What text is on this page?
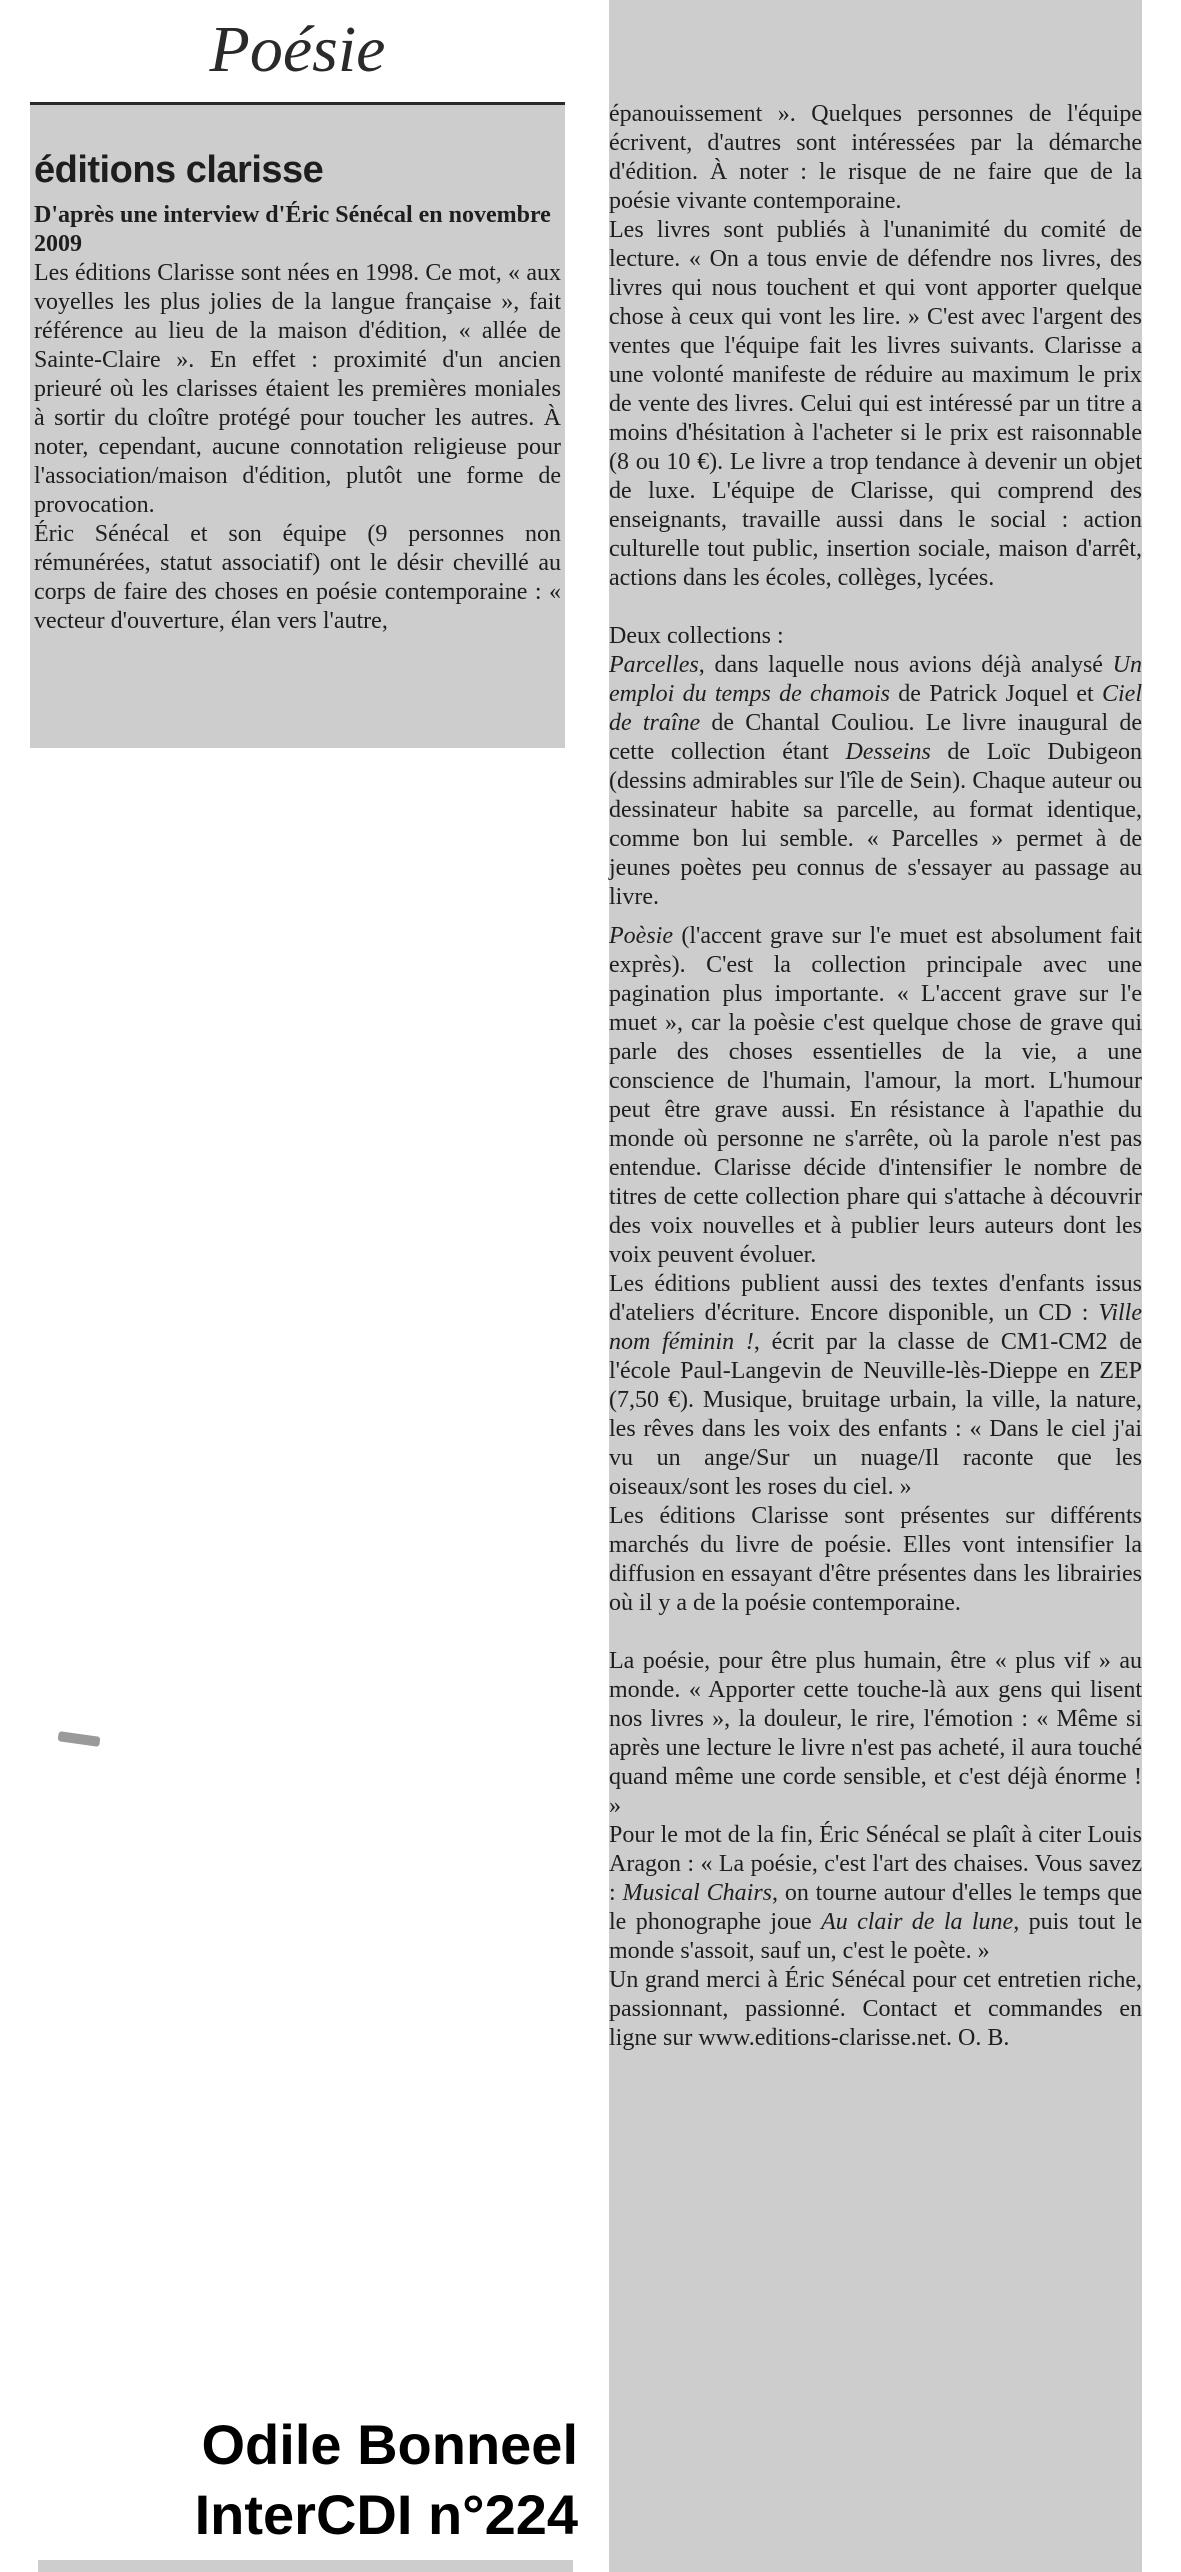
Poésie
éditions clarisse

D'après une interview d'Éric Sénécal en novembre 2009

Les éditions Clarisse sont nées en 1998. Ce mot, « aux voyelles les plus jolies de la langue française », fait référence au lieu de la maison d'édition, « allée de Sainte-Claire ». En effet : proximité d'un ancien prieuré où les clarisses étaient les premières moniales à sortir du cloître protégé pour toucher les autres. À noter, cependant, aucune connotation religieuse pour l'association/maison d'édition, plutôt une forme de provocation.

Éric Sénécal et son équipe (9 personnes non rémunérées, statut associatif) ont le désir chevillé au corps de faire des choses en poésie contemporaine : « vecteur d'ouverture, élan vers l'autre,

épanouissement ». Quelques personnes de l'équipe écrivent, d'autres sont intéressées par la démarche d'édition. À noter : le risque de ne faire que de la poésie vivante contemporaine.

Les livres sont publiés à l'unanimité du comité de lecture. « On a tous envie de défendre nos livres, des livres qui nous touchent et qui vont apporter quelque chose à ceux qui vont les lire. » C'est avec l'argent des ventes que l'équipe fait les livres suivants. Clarisse a une volonté manifeste de réduire au maximum le prix de vente des livres. Celui qui est intéressé par un titre a moins d'hésitation à l'acheter si le prix est raisonnable (8 ou 10 €). Le livre a trop tendance à devenir un objet de luxe. L'équipe de Clarisse, qui comprend des enseignants, travaille aussi dans le social : action culturelle tout public, insertion sociale, maison d'arrêt, actions dans les écoles, collèges, lycées.

Deux collections :

Parcelles, dans laquelle nous avions déjà analysé Un emploi du temps de chamois de Patrick Joquel et Ciel de traîne de Chantal Couliou. Le livre inaugural de cette collection étant Desseins de Loïc Dubigeon (dessins admirables sur l'île de Sein). Chaque auteur ou dessinateur habite sa parcelle, au format identique, comme bon lui semble. « Parcelles » permet à de jeunes poètes peu connus de s'essayer au passage au livre.

Poèsie (l'accent grave sur l'e muet est absolument fait exprès). C'est la collection principale avec une pagination plus importante. « L'accent grave sur l'e muet », car la poèsie c'est quelque chose de grave qui parle des choses essentielles de la vie, a une conscience de l'humain, l'amour, la mort. L'humour peut être grave aussi. En résistance à l'apathie du monde où personne ne s'arrête, où la parole n'est pas entendue. Clarisse décide d'intensifier le nombre de titres de cette collection phare qui s'attache à découvrir des voix nouvelles et à publier leurs auteurs dont les voix peuvent évoluer.

Les éditions publient aussi des textes d'enfants issus d'ateliers d'écriture. Encore disponible, un CD : Ville nom féminin !, écrit par la classe de CM1-CM2 de l'école Paul-Langevin de Neuville-lès-Dieppe en ZEP (7,50 €). Musique, bruitage urbain, la ville, la nature, les rêves dans les voix des enfants : « Dans le ciel j'ai vu un ange/Sur un nuage/Il raconte que les oiseaux/sont les roses du ciel. »

Les éditions Clarisse sont présentes sur différents marchés du livre de poésie. Elles vont intensifier la diffusion en essayant d'être présentes dans les librairies où il y a de la poésie contemporaine.

La poésie, pour être plus humain, être « plus vif » au monde. « Apporter cette touche-là aux gens qui lisent nos livres », la douleur, le rire, l'émotion : « Même si après une lecture le livre n'est pas acheté, il aura touché quand même une corde sensible, et c'est déjà énorme ! »

Pour le mot de la fin, Éric Sénécal se plaît à citer Louis Aragon : « La poésie, c'est l'art des chaises. Vous savez : Musical Chairs, on tourne autour d'elles le temps que le phonographe joue Au clair de la lune, puis tout le monde s'assoit, sauf un, c'est le poète. »

Un grand merci à Éric Sénécal pour cet entretien riche, passionnant, passionné. Contact et commandes en ligne sur www.editions-clarisse.net. O. B.

Odile Bonneel
InterCDI n°224
